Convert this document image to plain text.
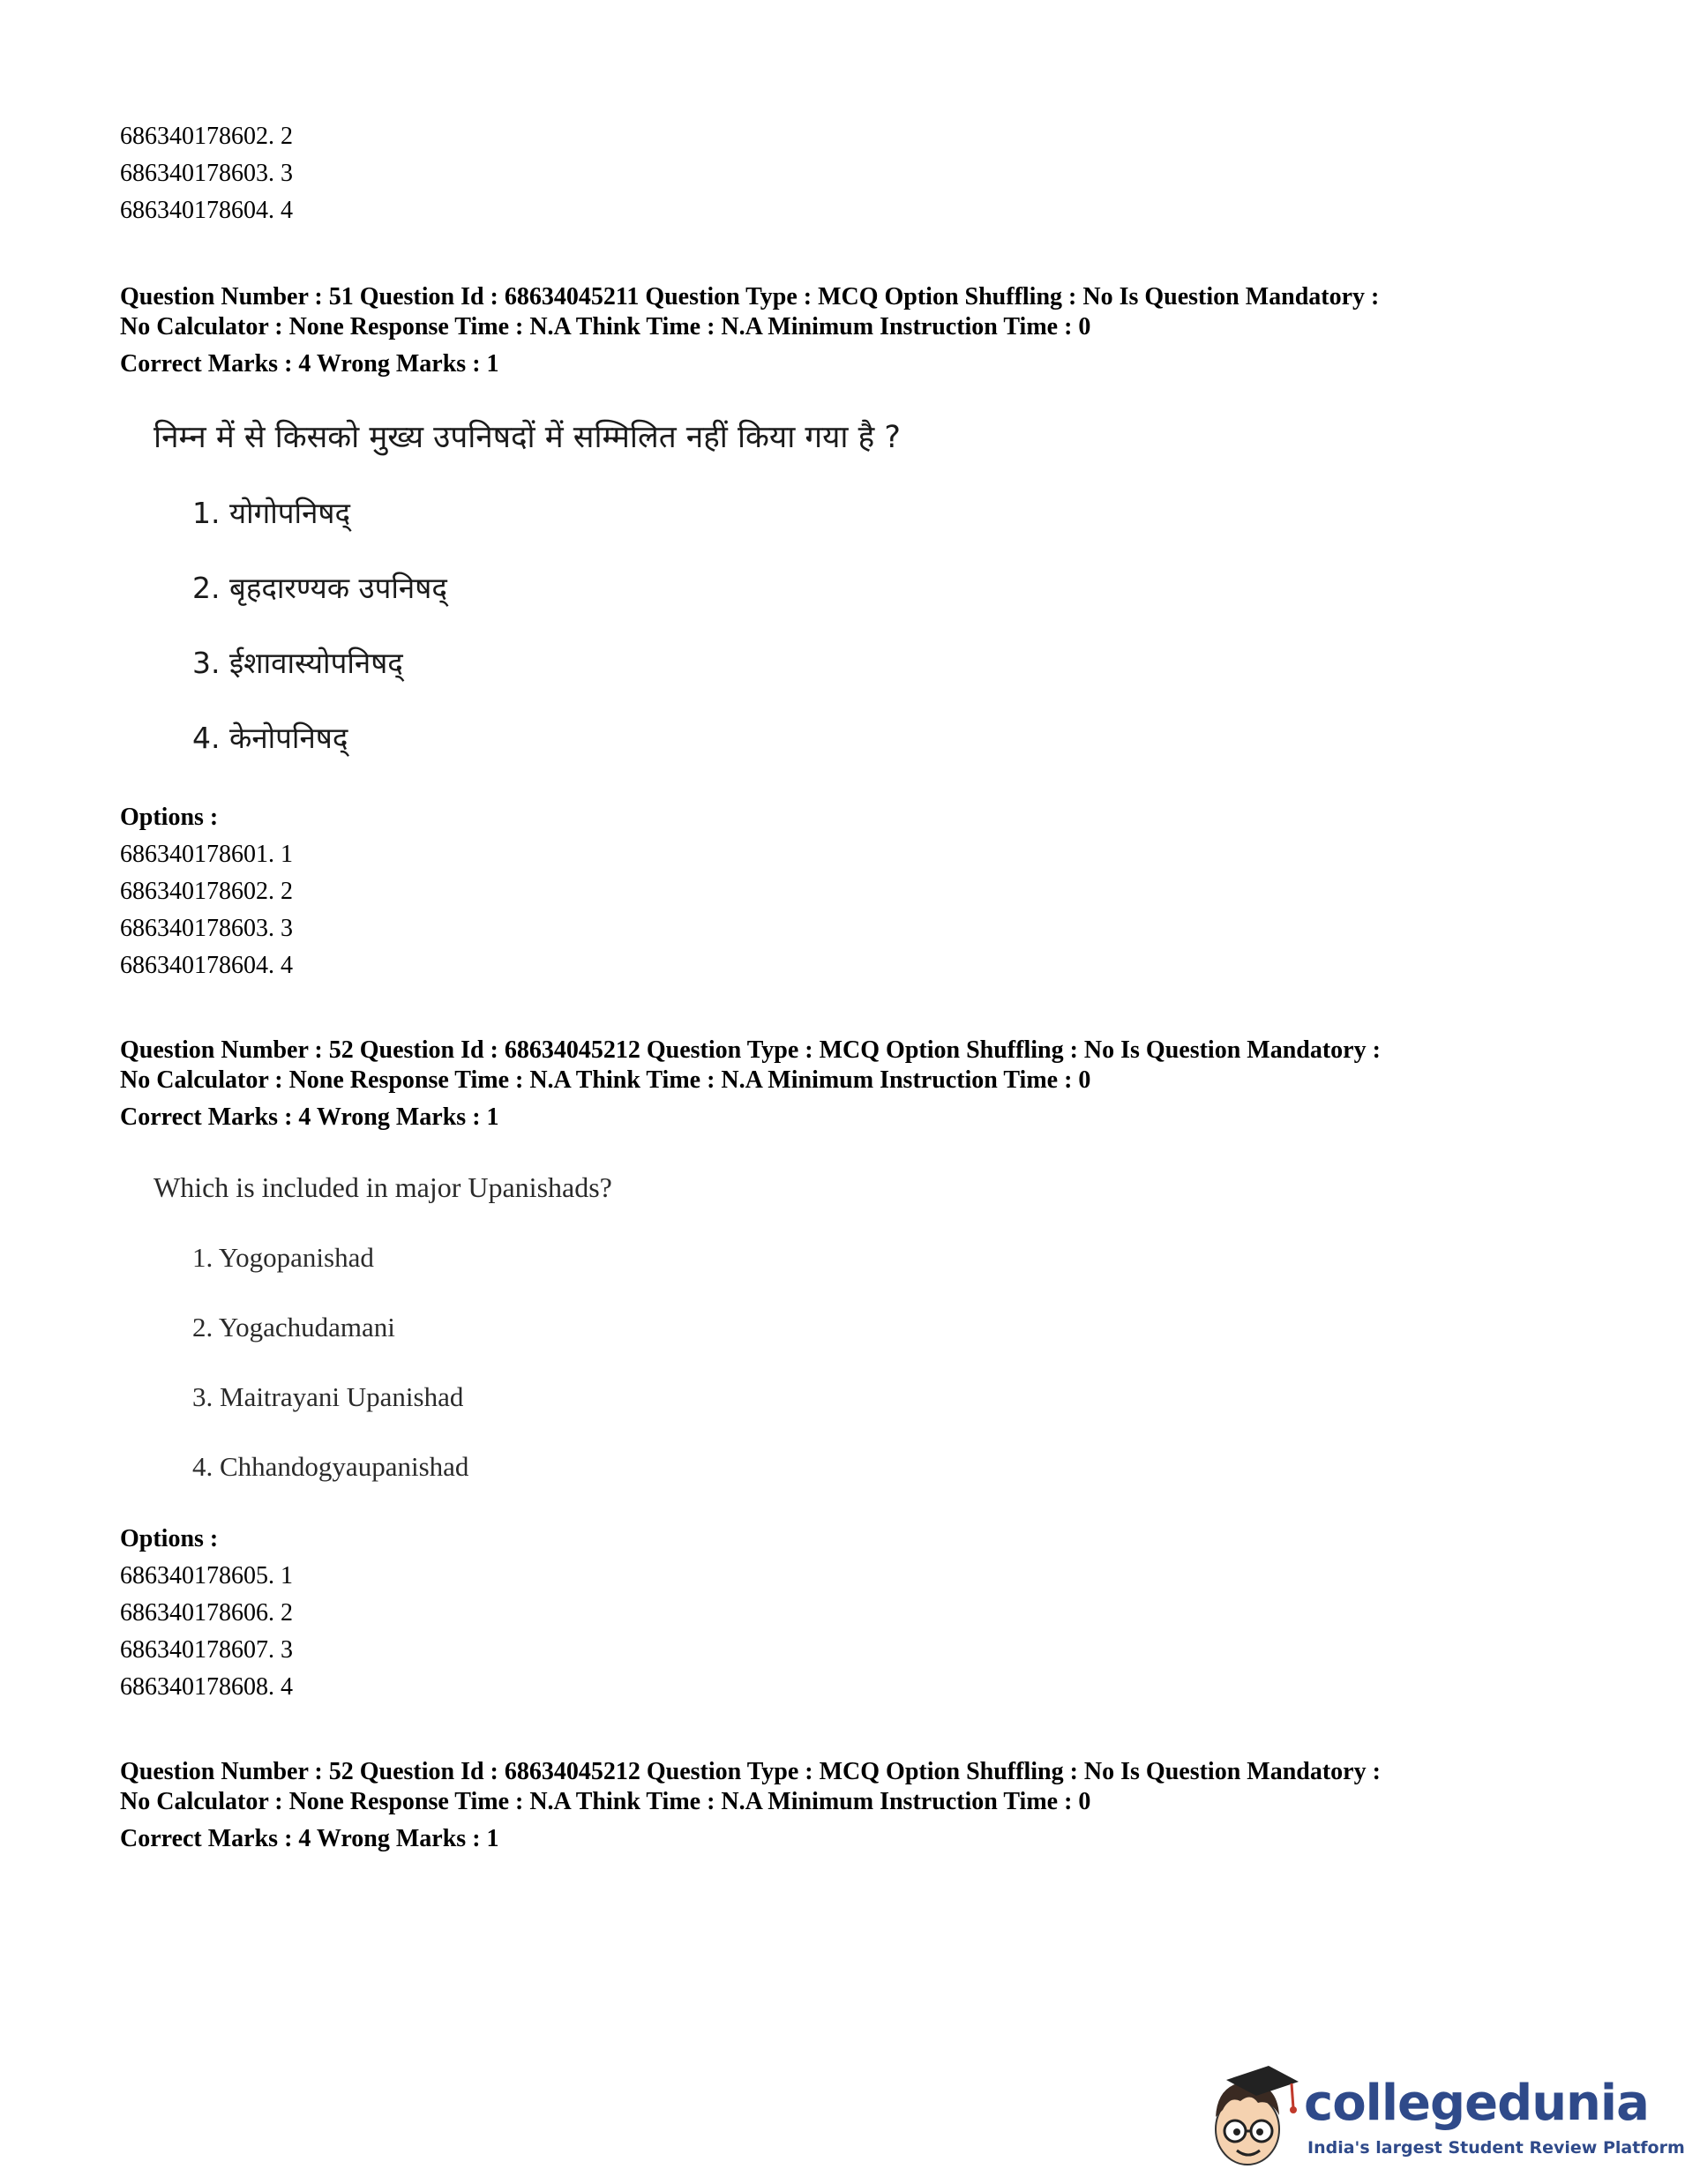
686340178602. 2
686340178603. 3
686340178604. 4
Question Number : 51 Question Id : 68634045211 Question Type : MCQ Option Shuffling : No Is Question Mandatory :
No Calculator : None Response Time : N.A Think Time : N.A Minimum Instruction Time : 0
Correct Marks : 4 Wrong Marks : 1
निम्न में से किसको मुख्य उपनिषदों में सम्मिलित नहीं किया गया है ?
1. योगोपनिषद्
2. बृहदारण्यक उपनिषद्
3. ईशावास्योपनिषद्
4. केनोपनिषद्
Options :
686340178601. 1
686340178602. 2
686340178603. 3
686340178604. 4
Question Number : 52 Question Id : 68634045212 Question Type : MCQ Option Shuffling : No Is Question Mandatory :
No Calculator : None Response Time : N.A Think Time : N.A Minimum Instruction Time : 0
Correct Marks : 4 Wrong Marks : 1
Which is included in major Upanishads?
1. Yogopanishad
2. Yogachudamani
3. Maitrayani Upanishad
4. Chhandogyaupanishad
Options :
686340178605. 1
686340178606. 2
686340178607. 3
686340178608. 4
Question Number : 52 Question Id : 68634045212 Question Type : MCQ Option Shuffling : No Is Question Mandatory :
No Calculator : None Response Time : N.A Think Time : N.A Minimum Instruction Time : 0
Correct Marks : 4 Wrong Marks : 1
collegedunia
India's largest Student Review Platform
